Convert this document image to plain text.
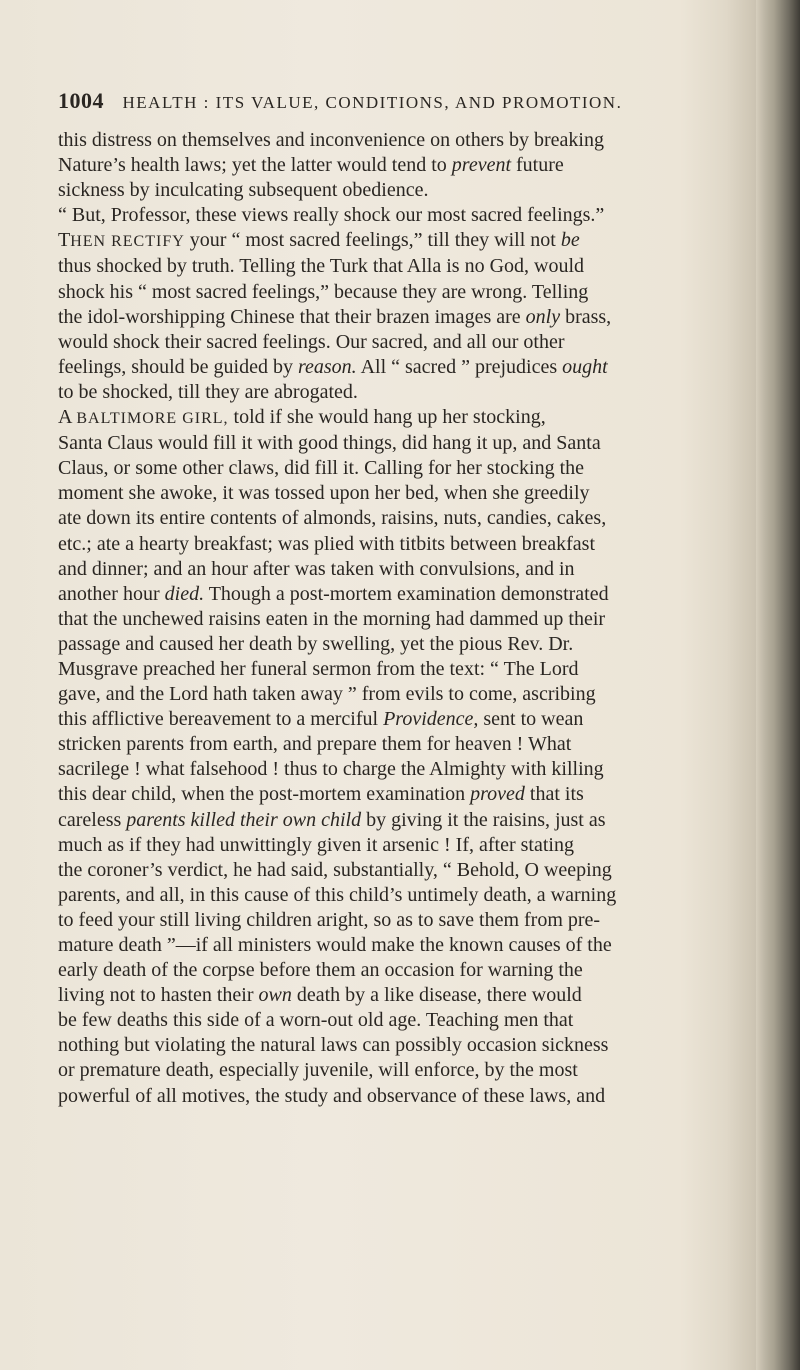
1004 HEALTH : ITS VALUE, CONDITIONS, AND PROMOTION.
this distress on themselves and inconvenience on others by breaking
Nature’s health laws; yet the latter would tend to prevent future
sickness by inculcating subsequent obedience.
“ But, Professor, these views really shock our most sacred feelings.”
THEN RECTIFY your “ most sacred feelings,” till they will not be
thus shocked by truth. Telling the Turk that Alla is no God, would
shock his “ most sacred feelings,” because they are wrong. Telling
the idol-worshipping Chinese that their brazen images are only brass,
would shock their sacred feelings. Our sacred, and all our other
feelings, should be guided by reason. All “ sacred ” prejudices ought
to be shocked, till they are abrogated.
A BALTIMORE GIRL, told if she would hang up her stocking,
Santa Claus would fill it with good things, did hang it up, and Santa
Claus, or some other claws, did fill it. Calling for her stocking the
moment she awoke, it was tossed upon her bed, when she greedily
ate down its entire contents of almonds, raisins, nuts, candies, cakes,
etc.; ate a hearty breakfast; was plied with titbits between breakfast
and dinner; and an hour after was taken with convulsions, and in
another hour died. Though a post-mortem examination demonstrated
that the unchewed raisins eaten in the morning had dammed up their
passage and caused her death by swelling, yet the pious Rev. Dr.
Musgrave preached her funeral sermon from the text: “ The Lord
gave, and the Lord hath taken away ” from evils to come, ascribing
this afflictive bereavement to a merciful Providence, sent to wean
stricken parents from earth, and prepare them for heaven ! What
sacrilege ! what falsehood ! thus to charge the Almighty with killing
this dear child, when the post-mortem examination proved that its
careless parents killed their own child by giving it the raisins, just as
much as if they had unwittingly given it arsenic ! If, after stating
the coroner’s verdict, he had said, substantially, “ Behold, O weeping
parents, and all, in this cause of this child’s untimely death, a warning
to feed your still living children aright, so as to save them from pre-
mature death ”—if all ministers would make the known causes of the
early death of the corpse before them an occasion for warning the
living not to hasten their own death by a like disease, there would
be few deaths this side of a worn-out old age. Teaching men that
nothing but violating the natural laws can possibly occasion sickness
or premature death, especially juvenile, will enforce, by the most
powerful of all motives, the study and observance of these laws, and
